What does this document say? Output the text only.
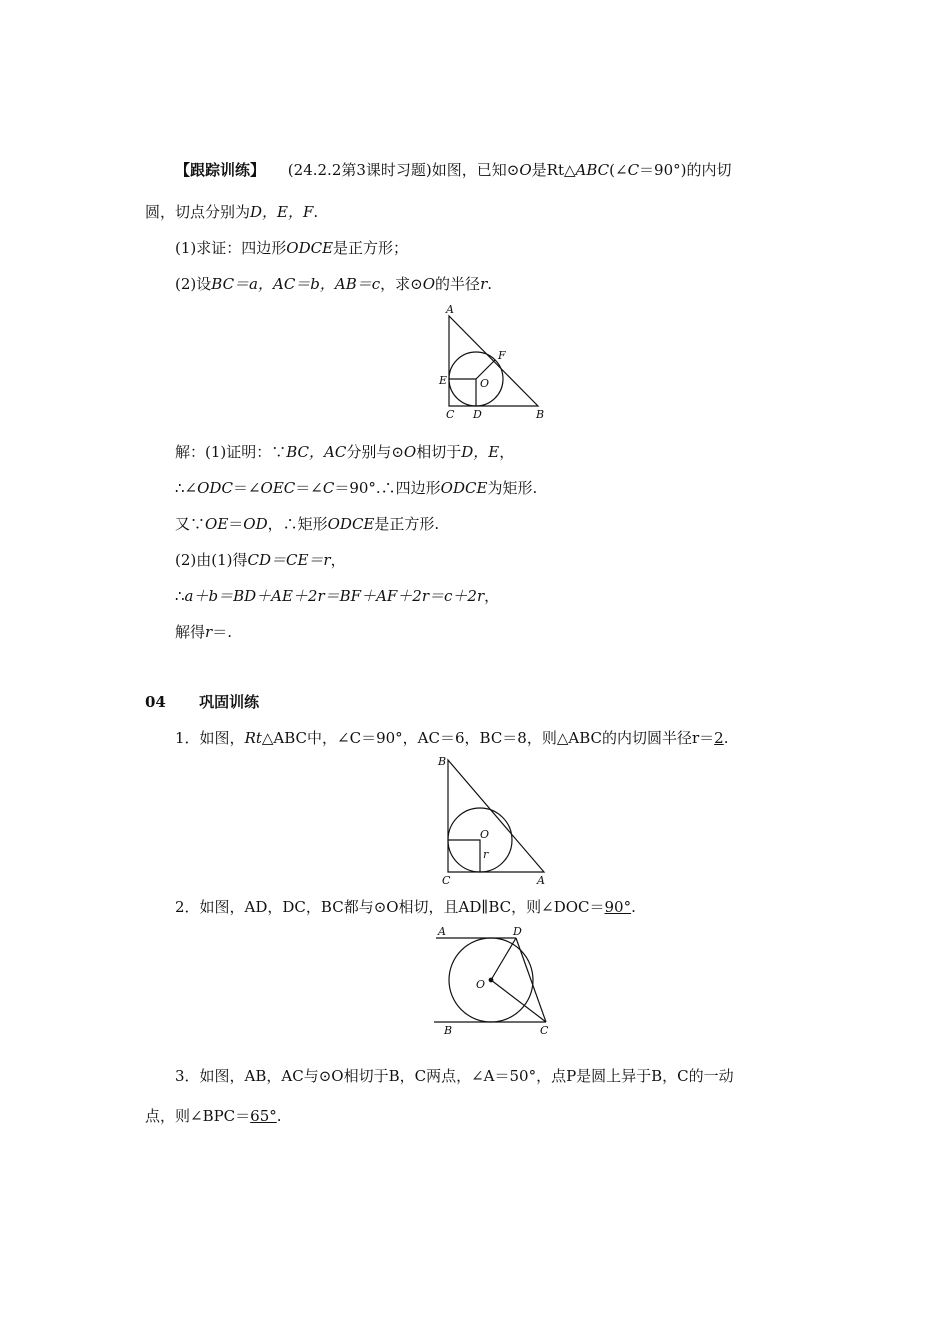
【跟踪训练】 (24.2.2第3课时习题)如图，已知⊙O是Rt△ABC(∠C＝90°)的内切
圆，切点分别为D，E，F.
(1)求证：四边形ODCE是正方形；
(2)设BC＝a，AC＝b，AB＝c，求⊙O的半径r.
A
F
E	O
C D	B
解：(1)证明：∵BC，AC分别与⊙O相切于D，E，
∴∠ODC＝∠OEC＝∠C＝90°.∴四边形ODCE为矩形.
又∵OE＝OD，∴矩形ODCE是正方形.
(2)由(1)得CD＝CE＝r，
∴a＋b＝BD＋AE＋2r＝BF＋AF＋2r＝c＋2r，
解得r＝.
04 巩固训练
1．如图，Rt△ABC中，∠C＝90°，AC＝6，BC＝8，则△ABC的内切圆半径r＝2.
B
O
r
C	A
2．如图，AD，DC，BC都与⊙O相切，且AD∥BC，则∠DOC＝90°.
A	D
O
B	C
3．如图，AB，AC与⊙O相切于B，C两点，∠A＝50°，点P是圆上异于B，C的一动
点，则∠BPC＝65°.
